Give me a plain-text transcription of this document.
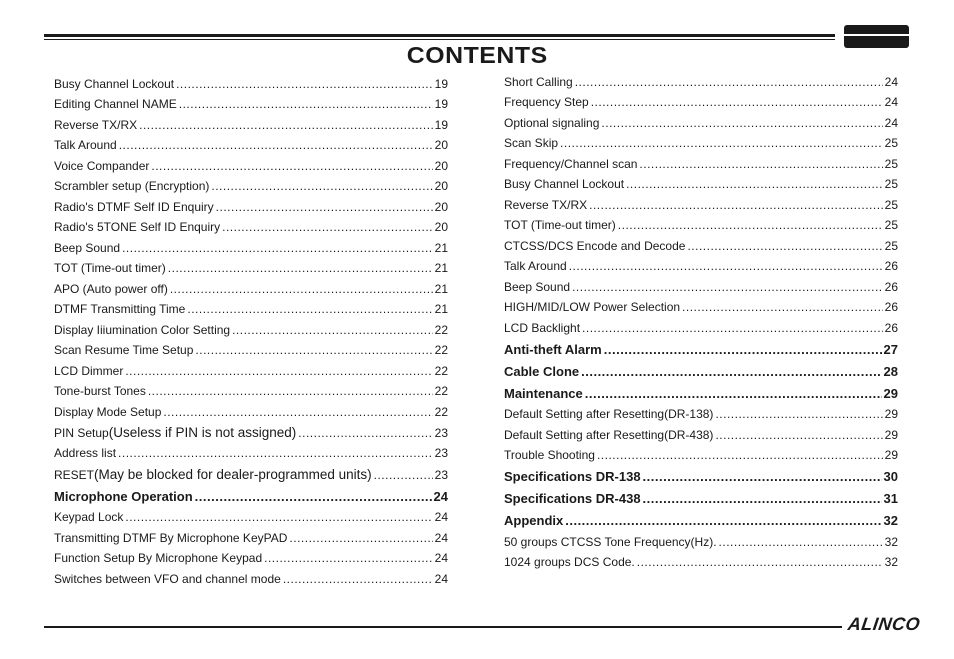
CONTENTS
Busy Channel Lockout .....	19
Editing Channel NAME .....	19
Reverse TX/RX .....	19
Talk Around .....	20
Voice Compander .....	20
Scrambler setup (Encryption) .....	20
Radio's DTMF Self ID Enquiry .....	20
Radio's 5TONE Self ID Enquiry .....	20
Beep Sound .....	21
TOT (Time-out timer) .....	21
APO (Auto power off) .....	21
DTMF Transmitting Time .....	21
Display Iiiumination Color Setting .....	22
Scan Resume Time Setup .....	22
LCD Dimmer .....	22
Tone-burst Tones .....	22
Display Mode Setup .....	22
PIN Setup (Useless if PIN is not assigned) .....	23
Address list .....	23
RESET (May be blocked for dealer-programmed units) .....	23
Microphone Operation .....	24
Keypad Lock .....	24
Transmitting DTMF By Microphone KeyPAD .....	24
Function Setup By Microphone Keypad .....	24
Switches between VFO and channel mode .....	24
Short Calling .....	24
Frequency Step .....	24
Optional signaling .....	24
Scan Skip .....	25
Frequency/Channel scan .....	25
Busy Channel Lockout .....	25
Reverse TX/RX .....	25
TOT (Time-out timer) .....	25
CTCSS/DCS Encode and Decode .....	25
Talk Around .....	26
Beep Sound .....	26
HIGH/MID/LOW Power Selection .....	26
LCD Backlight .....	26
Anti-theft Alarm .....	27
Cable Clone .....	28
Maintenance .....	29
Default Setting after Resetting(DR-138) .....	29
Default Setting after Resetting(DR-438) .....	29
Trouble Shooting .....	29
Specifications DR-138 .....	30
Specifications DR-438 .....	31
Appendix .....	32
50 groups CTCSS Tone Frequency(Hz). .....	32
1024 groups DCS Code. .....	32
ALINCO
